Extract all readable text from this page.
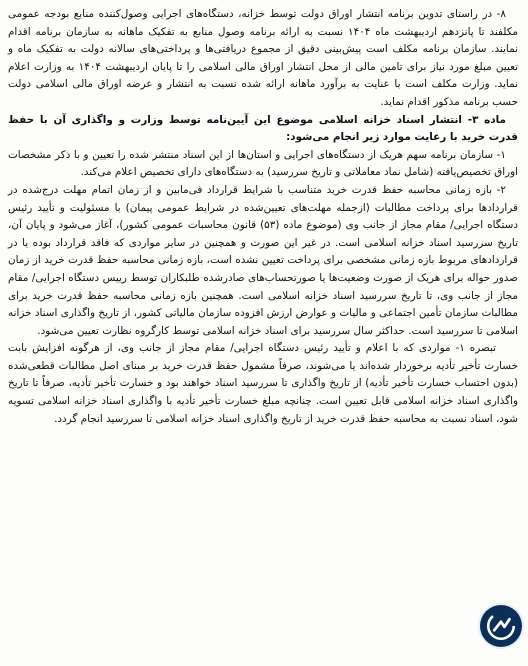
۸- در راستای تدوین برنامه انتشار اوراق دولت توسط خزانه، دستگاه‌های اجرایی وصول‌کننده منابع بودجه عمومی مکلفند تا پانزدهم اردیبهشت ماه ۱۴۰۴ نسبت به ارائه برنامه وصول منابع به تفکیک ماهانه به سازمان برنامه اقدام نمایند. سازمان برنامه مکلف است پیش‌بینی دقیق از مجموع دریافتی‌ها و پرداختی‌های سالانه دولت به تفکیک ماه و تعیین مبلغ مورد نیاز برای تامین مالی از محل انتشار اوراق مالی اسلامی را تا پایان اردیبهشت ۱۴۰۴ به وزارت اعلام نماید. وزارت مکلف است با عنایت به برآورد ماهانه ارائه شده نسبت به انتشار و عرضه اوراق مالی اسلامی دولت حسب برنامه مذکور اقدام نماید.

ماده ۳- انتشار اسناد خزانه اسلامی موضوع این آیین‌نامه توسط وزارت و واگذاری آن با حفظ قدرت خرید با رعایت موارد زیر انجام می‌شود:

۱- سازمان برنامه سهم هریک از دستگاه‌های اجرایی و استان‌ها از این اسناد منتشر شده را تعیین و با ذکر مشخصات اوراق تخصیص‌یافته (شامل نماد معاملاتی و تاریخ سررسید) به دستگاه‌های دارای تخصیص اعلام می‌کند.

۲- بازه زمانی محاسبه حفظ قدرت خرید متناسب با شرایط قرارداد فی‌مابین و از زمان اتمام مهلت درج‌شده در قراردادها برای پرداخت مطالبات (ازجمله مهلت‌های تعیین‌شده در شرایط عمومی پیمان) با مسئولیت و تأیید رئیس دستگاه اجرایی/ مقام مجاز از جانب وی (موضوع ماده (۵۳) قانون محاسبات عمومی کشور)، آغاز می‌شود و پایان آن، تاریخ سررسید اسناد خزانه اسلامی است. در غیر این صورت و همچنین در سایر مواردی که فاقد قرارداد بوده یا در قراردادهای مربوط بازه زمانی مشخصی برای پرداخت تعیین نشده است، بازه زمانی محاسبه حفظ قدرت خرید از زمان صدور حواله برای هریک از صورت وضعیت‌ها یا صورتحساب‌های صادرشده طلبکاران توسط رییس دستگاه اجرایی/ مقام مجاز از جانب وی، تا تاریخ سررسید اسناد خزانه اسلامی است. همچنین بازه زمانی محاسبه حفظ قدرت خرید برای مطالبات سازمان تأمین اجتماعی و مالیات و عوارض ارزش افزوده سازمان مالیاتی کشور، از تاریخ واگذاری اسناد خزانه اسلامی تا سررسید است. حداکثر سال سررسید برای اسناد خزانه اسلامی توسط کارگروه نظارت تعیین می‌شود.

تبصره ۱- مواردی که با اعلام و تأیید رئیس دستگاه اجرایی/ مقام مجاز از جانب وی، از هرگونه افزایش بابت خسارت تأخیر تأدیه برخوردار شده‌اند یا می‌شوند، صرفاً مشمول حفظ قدرت خرید بر مبنای اصل مطالبات قطعی‌شده (بدون احتساب خسارت تأخیر تأدیه) از تاریخ واگذاری تا سررسید اسناد خواهند بود و خسارت تأخیر تأدیه، صرفاً تا تاریخ واگذاری اسناد خزانه اسلامی قابل تعیین است. چنانچه مبلغ خسارت تأخیر تأدیه با واگذاری اسناد خزانه اسلامی تسویه شود، اسناد نسبت به محاسبه حفظ قدرت خرید از تاریخ واگذاری اسناد خزانه اسلامی تا سررسید انجام گردد.
